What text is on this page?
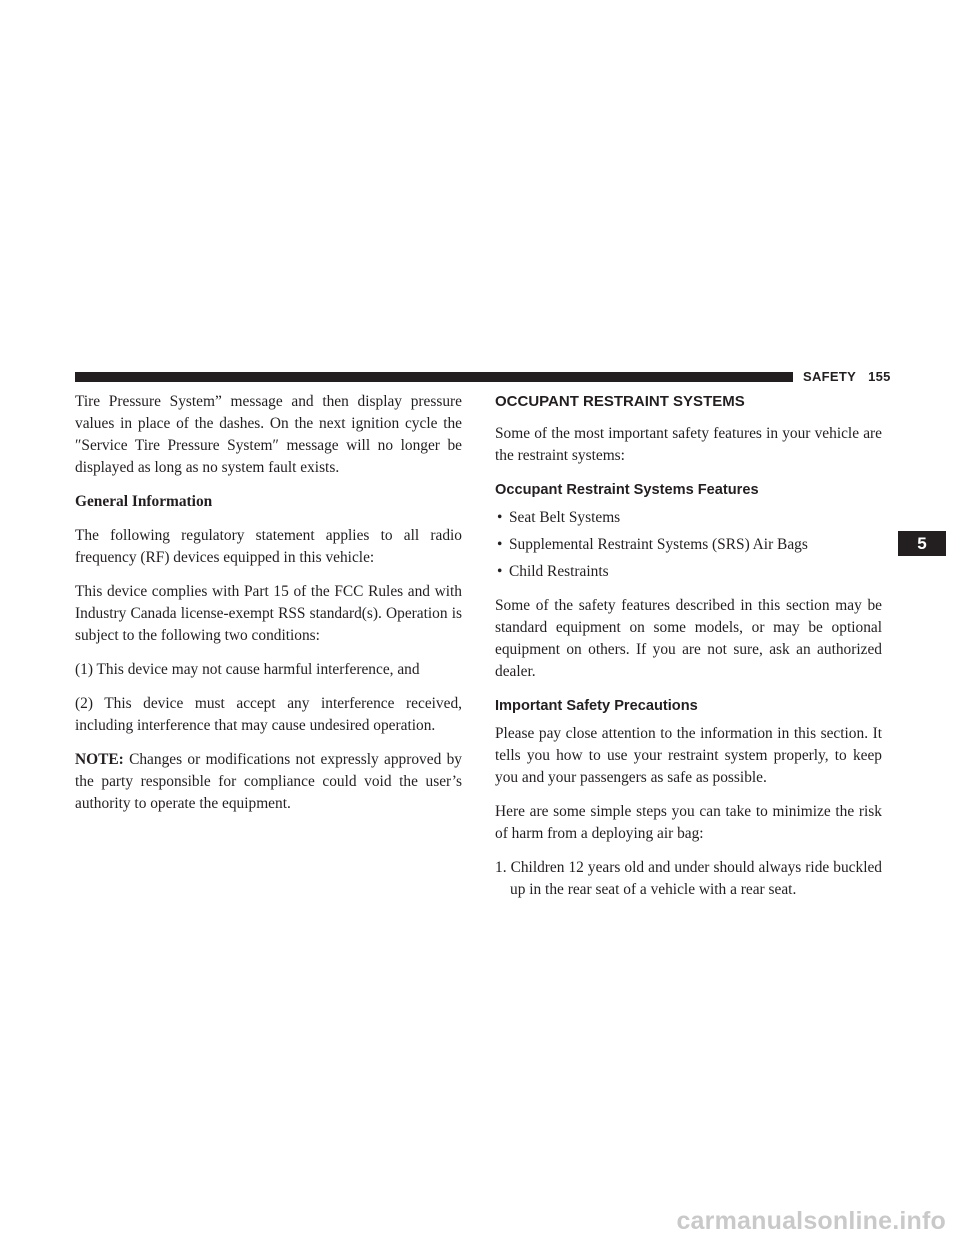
SAFETY 155
5

Tire Pressure System” message and then display pressure values in place of the dashes. On the next ignition cycle the ″Service Tire Pressure System″ message will no longer be displayed as long as no system fault exists.

General Information

The following regulatory statement applies to all radio frequency (RF) devices equipped in this vehicle:

This device complies with Part 15 of the FCC Rules and with Industry Canada license-exempt RSS standard(s). Operation is subject to the following two conditions:

(1) This device may not cause harmful interference, and

(2) This device must accept any interference received, including interference that may cause undesired operation.

NOTE: Changes or modifications not expressly approved by the party responsible for compliance could void the user’s authority to operate the equipment.

OCCUPANT RESTRAINT SYSTEMS

Some of the most important safety features in your vehicle are the restraint systems:

Occupant Restraint Systems Features
• Seat Belt Systems
• Supplemental Restraint Systems (SRS) Air Bags
• Child Restraints

Some of the safety features described in this section may be standard equipment on some models, or may be optional equipment on others. If you are not sure, ask an authorized dealer.

Important Safety Precautions

Please pay close attention to the information in this section. It tells you how to use your restraint system properly, to keep you and your passengers as safe as possible.

Here are some simple steps you can take to minimize the risk of harm from a deploying air bag:

1. Children 12 years old and under should always ride buckled up in the rear seat of a vehicle with a rear seat.

carmanualsonline.info
